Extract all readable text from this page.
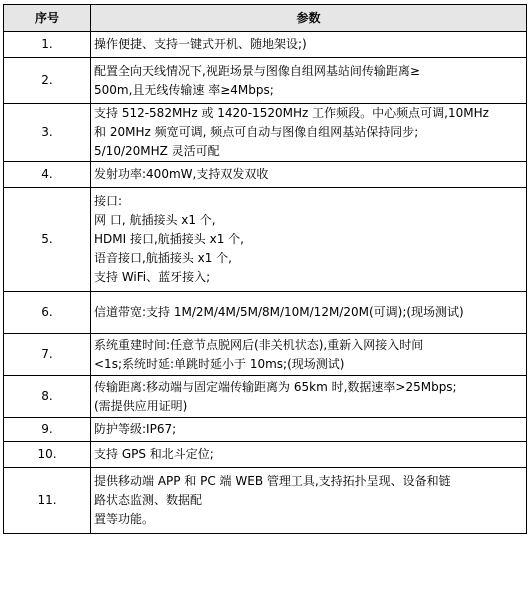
序号	参数
1.	操作便捷、支持一键式开机、随地架设;)

2.	配置全向天线情况下,视距场景与图像自组网基站间传输距离≥
500m,且无线传输速 率≥4Mbps;

3.	支持 512-582MHz 或 1420-1520MHz 工作频段。中心频点可调,10MHz
和 20MHz 频宽可调, 频点可自动与图像自组网基站保持同步;
5/10/20MHZ 灵活可配

4.	发射功率:400mW,支持双发双收

5.	接口:
网 口, 航插接头 x1 个,
HDMI 接口,航插接头 x1 个,
语音接口,航插接头 x1 个,
支持 WiFi、蓝牙接入;

6.	信道带宽:支持 1M/2M/4M/5M/8M/10M/12M/20M(可调);(现场测试)

7.	系统重建时间:任意节点脱网后(非关机状态),重新入网接入时间
<1s;系统时延:单跳时延小于 10ms;(现场测试)

8.	传输距离:移动端与固定端传输距离为 65km 时,数据速率>25Mbps;
(需提供应用证明)

9.	防护等级:IP67;

10.	支持 GPS 和北斗定位;

11.	提供移动端 APP 和 PC 端 WEB 管理工具,支持拓扑呈现、设备和链
路状态监测、数据配
置等功能。
